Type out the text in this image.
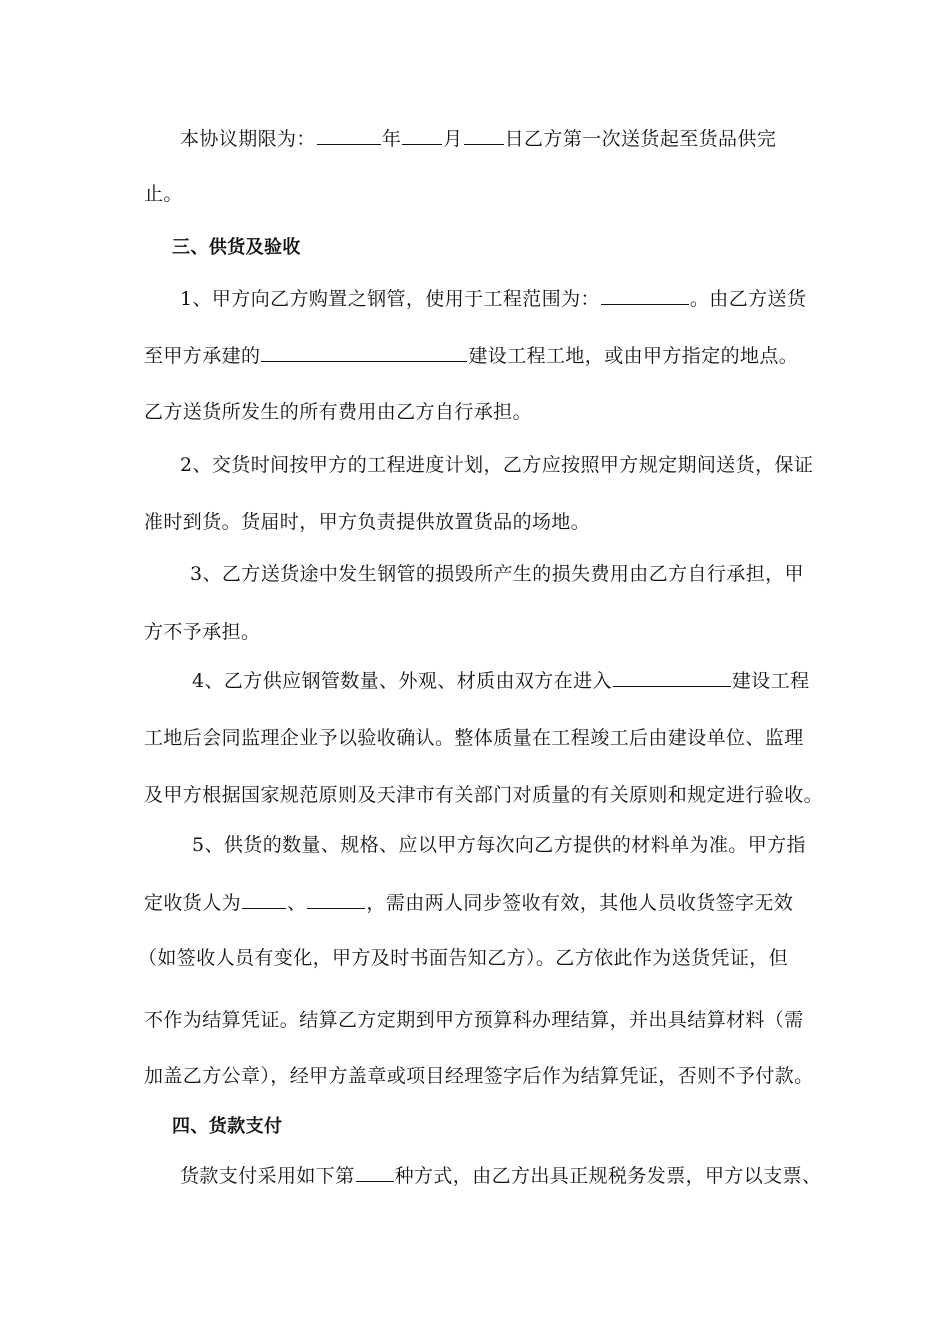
本协议期限为：	年 月 日乙方第一次送货起至货品供完
止。
三、供货及验收
1、甲方向乙方购置之钢管，使用于工程范围为：	。由乙方送货
至甲方承建的	建设工程工地，或由甲方指定的地点。
乙方送货所发生的所有费用由乙方自行承担。
2、交货时间按甲方的工程进度计划，乙方应按照甲方规定期间送货，保证
准时到货。货届时，甲方负责提供放置货品的场地。
3、乙方送货途中发生钢管的损毁所产生的损失费用由乙方自行承担，甲
方不予承担。
4、乙方供应钢管数量、外观、材质由双方在进入	建设工程
工地后会同监理企业予以验收确认。整体质量在工程竣工后由建设单位、监理
及甲方根据国家规范原则及天津市有关部门对质量的有关原则和规定进行验收。
5、供货的数量、规格、应以甲方每次向乙方提供的材料单为准。甲方指
定收货人为 、	，需由两人同步签收有效，其他人员收货签字无效
（如签收人员有变化，甲方及时书面告知乙方）。乙方依此作为送货凭证，但
不作为结算凭证。结算乙方定期到甲方预算科办理结算，并出具结算材料（需
加盖乙方公章），经甲方盖章或项目经理签字后作为结算凭证，否则不予付款。
四、货款支付
货款支付采用如下第 种方式，由乙方出具正规税务发票，甲方以支票、
